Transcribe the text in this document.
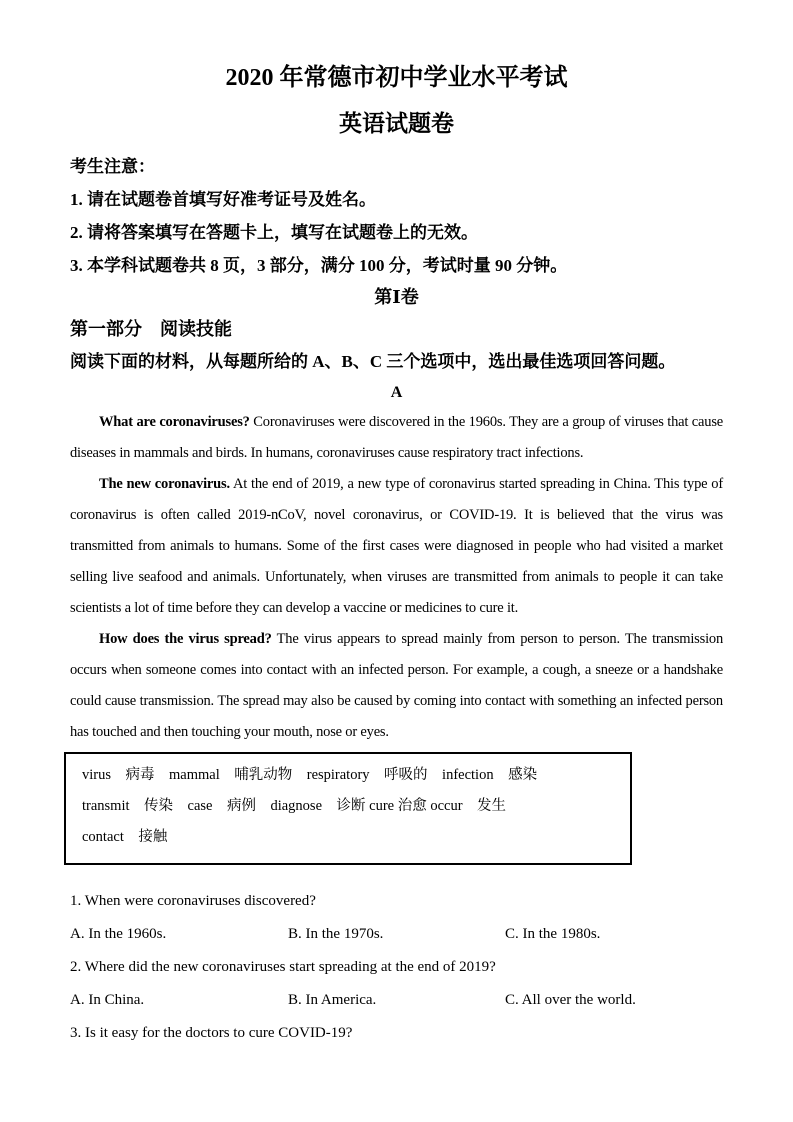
2020 年常德市初中学业水平考试
英语试题卷
考生注意：
1. 请在试题卷首填写好准考证号及姓名。
2. 请将答案填写在答题卡上，填写在试题卷上的无效。
3. 本学科试题卷共 8 页，3 部分，满分 100 分，考试时量 90 分钟。
第Ⅰ卷
第一部分　阅读技能
阅读下面的材料，从每题所给的 A、B、C 三个选项中，选出最佳选项回答问题。
A

What are coronaviruses? Coronaviruses were discovered in the 1960s. They are a group of viruses that cause diseases in mammals and birds. In humans, coronaviruses cause respiratory tract infections.

The new coronavirus. At the end of 2019, a new type of coronavirus started spreading in China. This type of coronavirus is often called 2019-nCoV, novel coronavirus, or COVID-19. It is believed that the virus was transmitted from animals to humans. Some of the first cases were diagnosed in people who had visited a market selling live seafood and animals. Unfortunately, when viruses are transmitted from animals to people it can take scientists a lot of time before they can develop a vaccine or medicines to cure it.

How does the virus spread? The virus appears to spread mainly from person to person. The transmission occurs when someone comes into contact with an infected person. For example, a cough, a sneeze or a handshake could cause transmission. The spread may also be caused by coming into contact with something an infected person has touched and then touching your mouth, nose or eyes.

virus　病毒　mammal　哺乳动物　respiratory　呼吸的　infection　感染
transmit　传染　case　病例　diagnose　诊断 cure 治愈 occur　发生
contact　接触
1. When were coronaviruses discovered?
A. In the 1960s.	B. In the 1970s.	C. In the 1980s.
2. Where did the new coronaviruses start spreading at the end of 2019?
A. In China.	B. In America.	C. All over the world.
3. Is it easy for the doctors to cure COVID-19?
